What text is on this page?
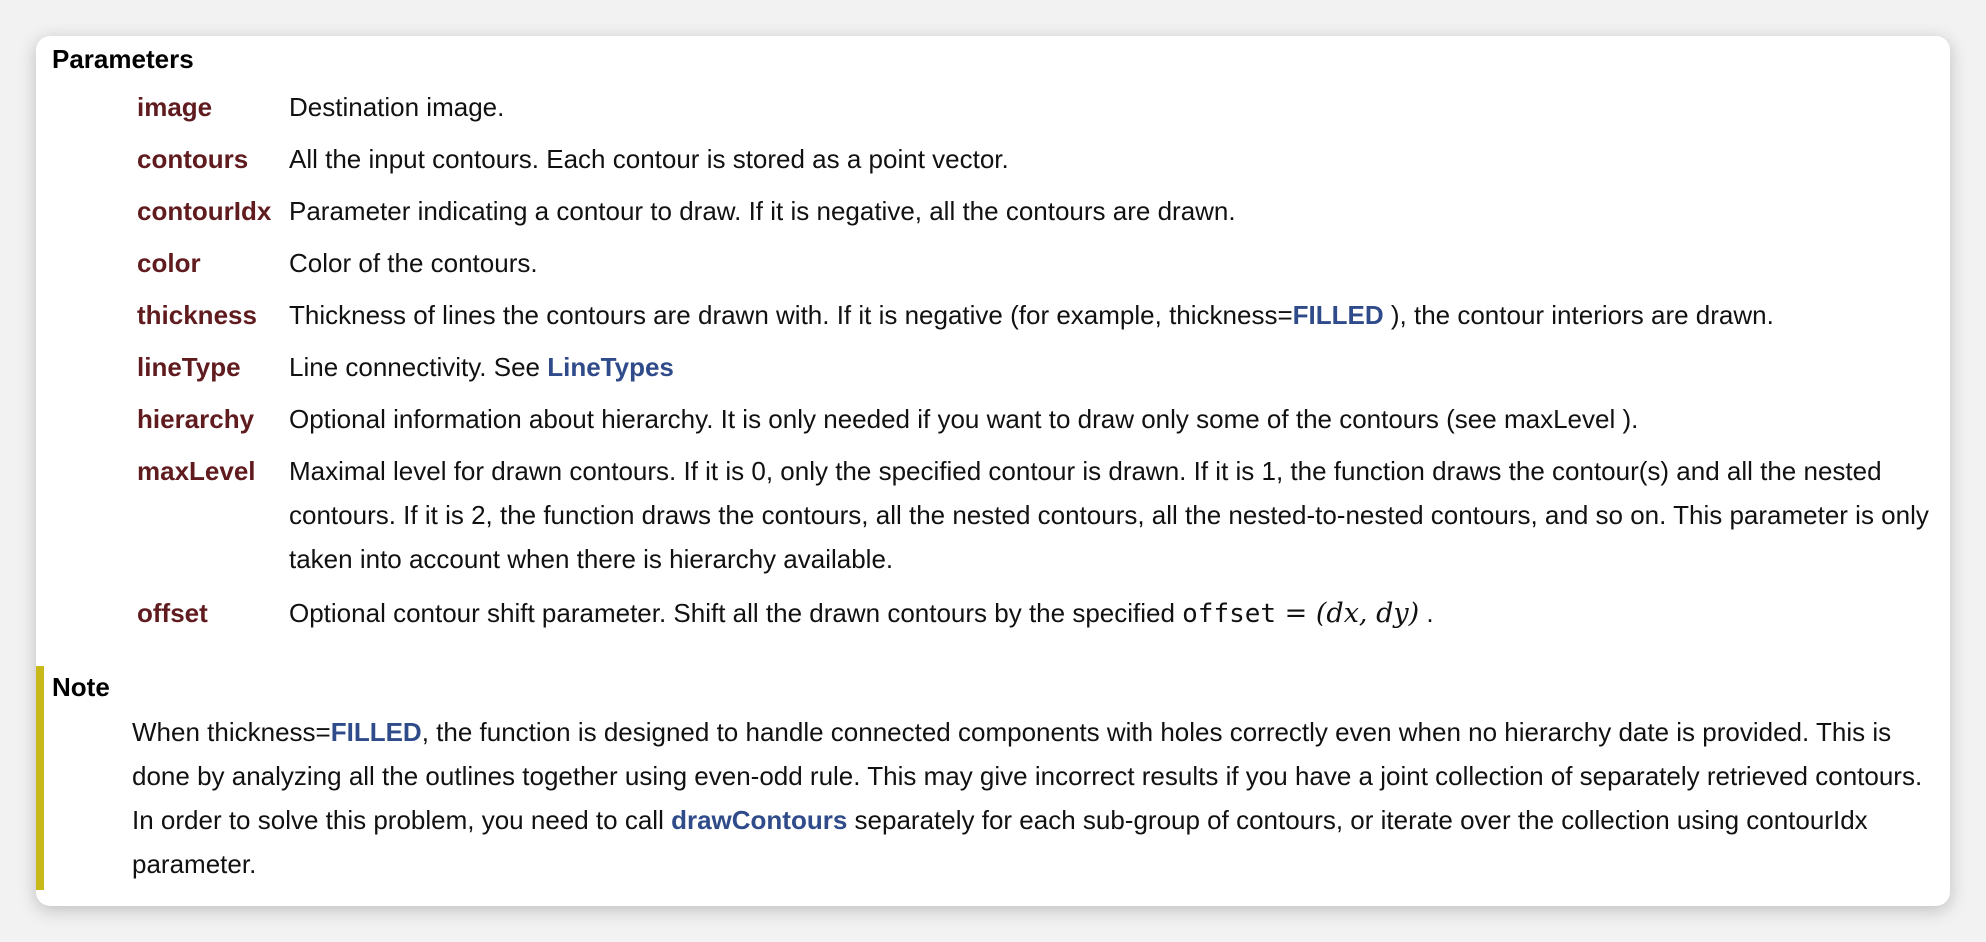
Parameters
image	Destination image.
contours	All the input contours. Each contour is stored as a point vector.
contourIdx Parameter indicating a contour to draw. If it is negative, all the contours are drawn.
color	Color of the contours.
thickness	Thickness of lines the contours are drawn with. If it is negative (for example, thickness=FILLED ), the contour interiors are drawn.
lineType	Line connectivity. See LineTypes
hierarchy	Optional information about hierarchy. It is only needed if you want to draw only some of the contours (see maxLevel ).
maxLevel	Maximal level for drawn contours. If it is 0, only the specified contour is drawn. If it is 1, the function draws the contour(s) and all the nested contours. If it is 2, the function draws the contours, all the nested contours, all the nested-to-nested contours, and so on. This parameter is only taken into account when there is hierarchy available.
offset	Optional contour shift parameter. Shift all the drawn contours by the specified offset = (dx, dy) .
Note
When thickness=FILLED, the function is designed to handle connected components with holes correctly even when no hierarchy date is provided. This is done by analyzing all the outlines together using even-odd rule. This may give incorrect results if you have a joint collection of separately retrieved contours. In order to solve this problem, you need to call drawContours separately for each sub-group of contours, or iterate over the collection using contourIdx parameter.
